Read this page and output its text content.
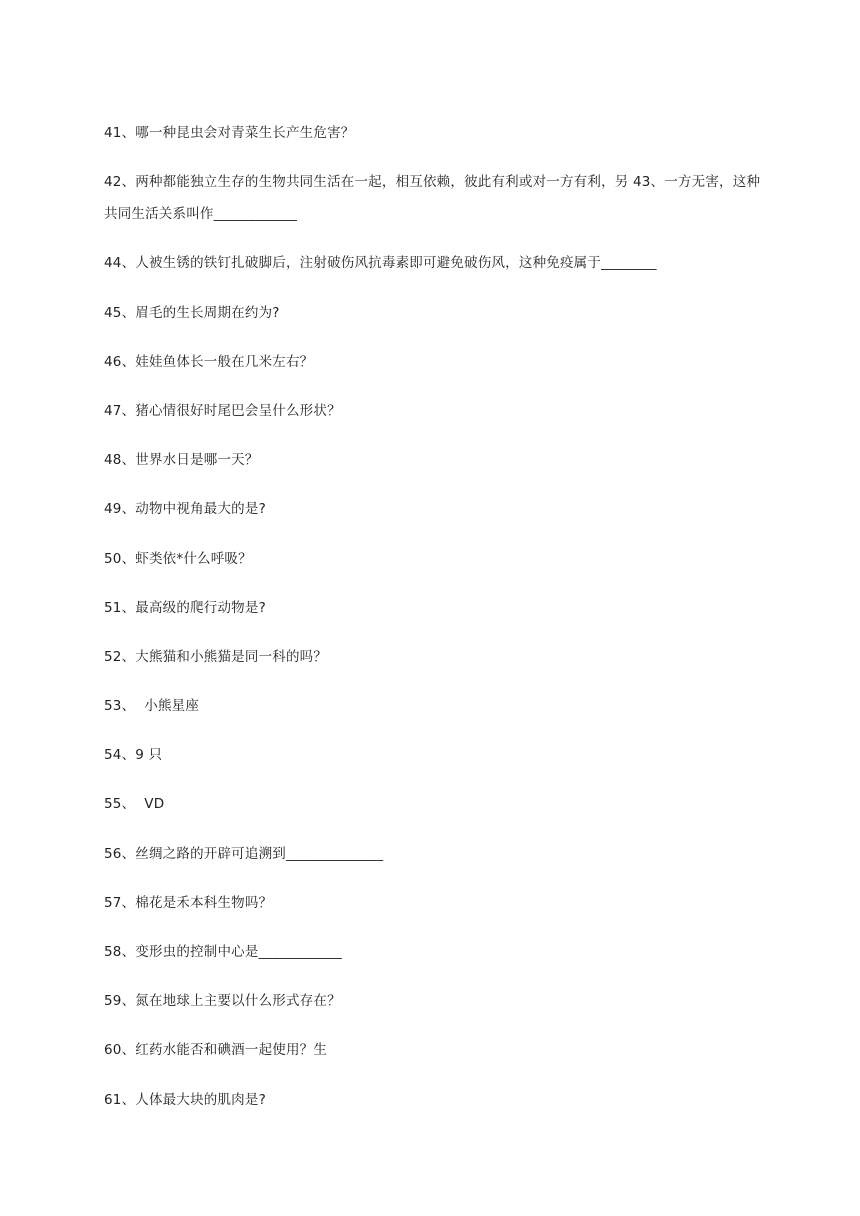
41、哪一种昆虫会对青菜生长产生危害？
42、两种都能独立生存的生物共同生活在一起，相互依赖，彼此有利或对一方有利，另 43、一方无害，这种共同生活关系叫作____________
44、人被生锈的铁钉扎破脚后，注射破伤风抗毒素即可避免破伤风，这种免疫属于________
45、眉毛的生长周期在约为?
46、娃娃鱼体长一般在几米左右？
47、猪心情很好时尾巴会呈什么形状？
48、世界水日是哪一天？
49、动物中视角最大的是?
50、虾类依*什么呼吸？
51、最高级的爬行动物是?
52、大熊猫和小熊猫是同一科的吗？
53、  小熊星座
54、9 只
55、  VD
56、丝绸之路的开辟可追溯到______________
57、棉花是禾本科生物吗？
58、变形虫的控制中心是____________
59、氮在地球上主要以什么形式存在？
60、红药水能否和碘酒一起使用？生
61、人体最大块的肌肉是?
